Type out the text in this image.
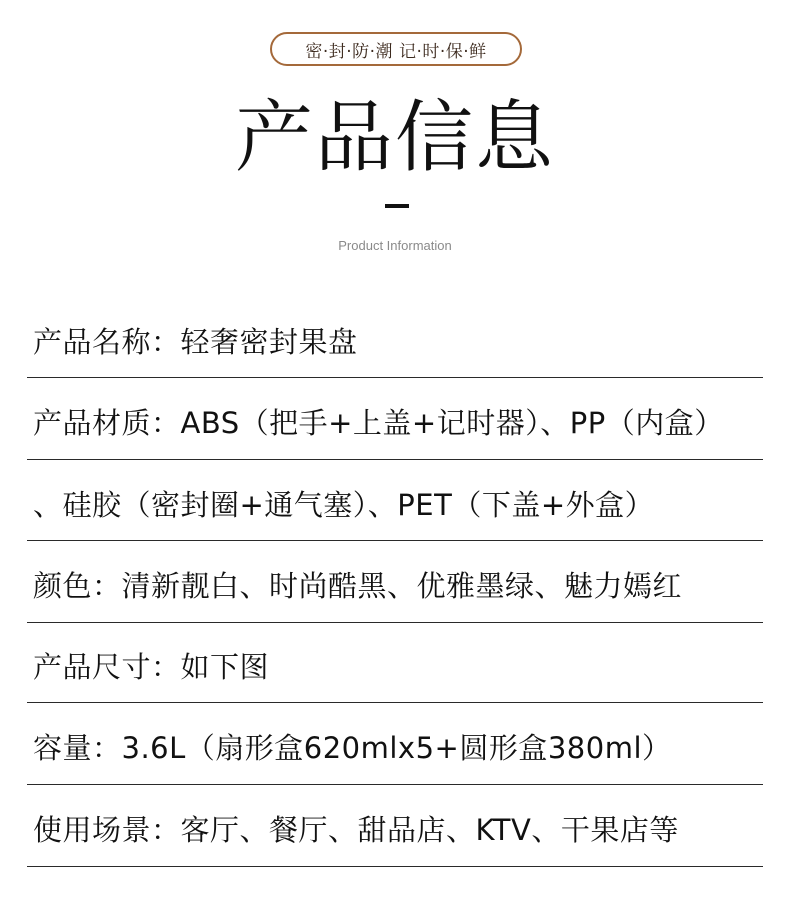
密·封·防·潮 记·时·保·鲜
产品信息
Product Information
产品名称：轻奢密封果盘
产品材质：ABS（把手+上盖+记时器）、PP（内盒）
、硅胶（密封圈+通气塞）、PET（下盖+外盒）
颜色：清新靓白、时尚酷黑、优雅墨绿、魅力嫣红
产品尺寸：如下图
容量：3.6L（扇形盒620mlx5+圆形盒380ml）
使用场景：客厅、餐厅、甜品店、KTV、干果店等
